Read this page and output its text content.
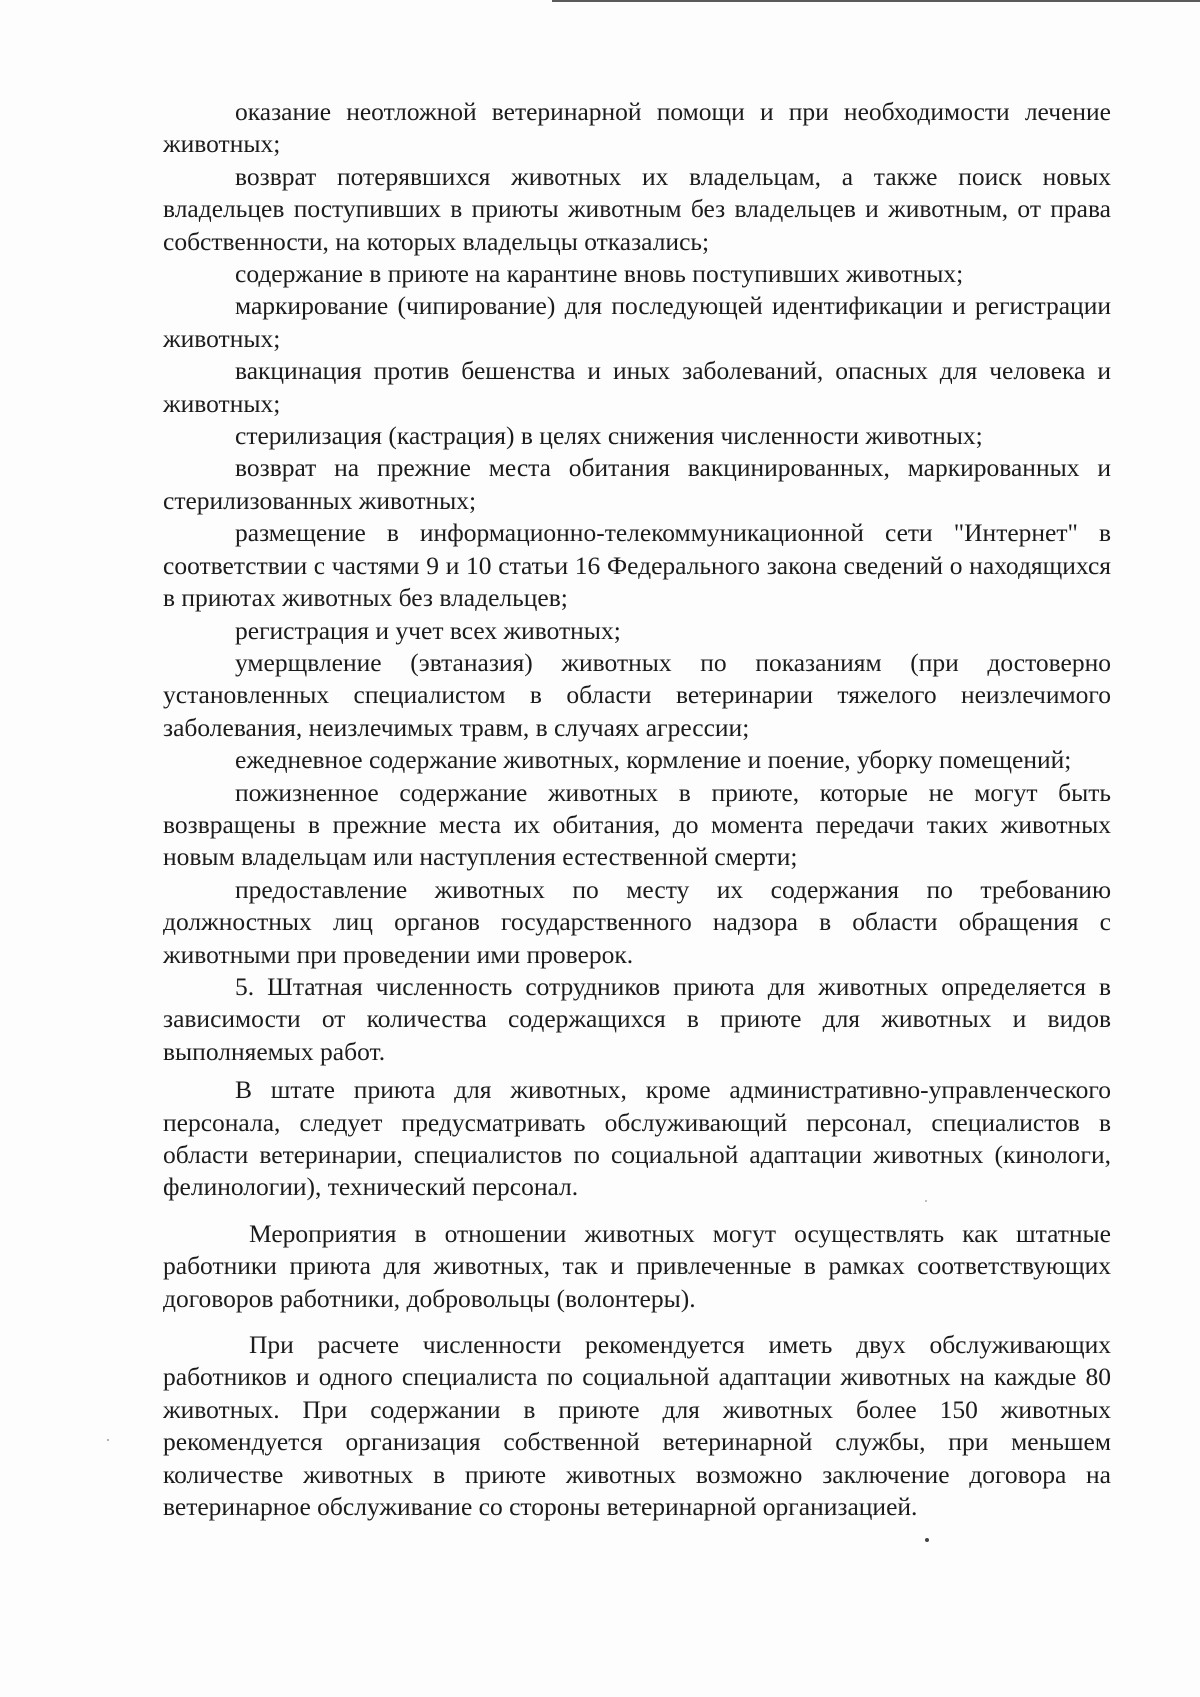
оказание неотложной ветеринарной помощи и при необходимости лечение животных;

возврат потерявшихся животных их владельцам, а также поиск новых владельцев поступивших в приюты животным без владельцев и животным, от права собственности, на которых владельцы отказались;

содержание в приюте на карантине вновь поступивших животных;

маркирование (чипирование) для последующей идентификации и регистрации животных;

вакцинация против бешенства и иных заболеваний, опасных для человека и животных;

стерилизация (кастрация) в целях снижения численности животных;

возврат на прежние места обитания вакцинированных, маркированных и стерилизованных животных;

размещение в информационно-телекоммуникационной сети "Интернет" в соответствии с частями 9 и 10 статьи 16 Федерального закона сведений о находящихся в приютах животных без владельцев;

регистрация и учет всех животных;

умерщвление (эвтаназия) животных по показаниям (при достоверно установленных специалистом в области ветеринарии тяжелого неизлечимого заболевания, неизлечимых травм, в случаях агрессии;

ежедневное содержание животных, кормление и поение, уборку помещений;

пожизненное содержание животных в приюте, которые не могут быть возвращены в прежние места их обитания, до момента передачи таких животных новым владельцам или наступления естественной смерти;

предоставление животных по месту их содержания по требованию должностных лиц органов государственного надзора в области обращения с животными при проведении ими проверок.

5. Штатная численность сотрудников приюта для животных определяется в зависимости от количества содержащихся в приюте для животных и видов выполняемых работ.

В штате приюта для животных, кроме административно-управленческого персонала, следует предусматривать обслуживающий персонал, специалистов в области ветеринарии, специалистов по социальной адаптации животных (кинологи, фелинологии), технический персонал.

Мероприятия в отношении животных могут осуществлять как штатные работники приюта для животных, так и привлеченные в рамках соответствующих договоров работники, добровольцы (волонтеры).

При расчете численности рекомендуется иметь двух обслуживающих работников и одного специалиста по социальной адаптации животных на каждые 80 животных. При содержании в приюте для животных более 150 животных рекомендуется организация собственной ветеринарной службы, при меньшем количестве животных в приюте животных возможно заключение договора на ветеринарное обслуживание со стороны ветеринарной организацией.
